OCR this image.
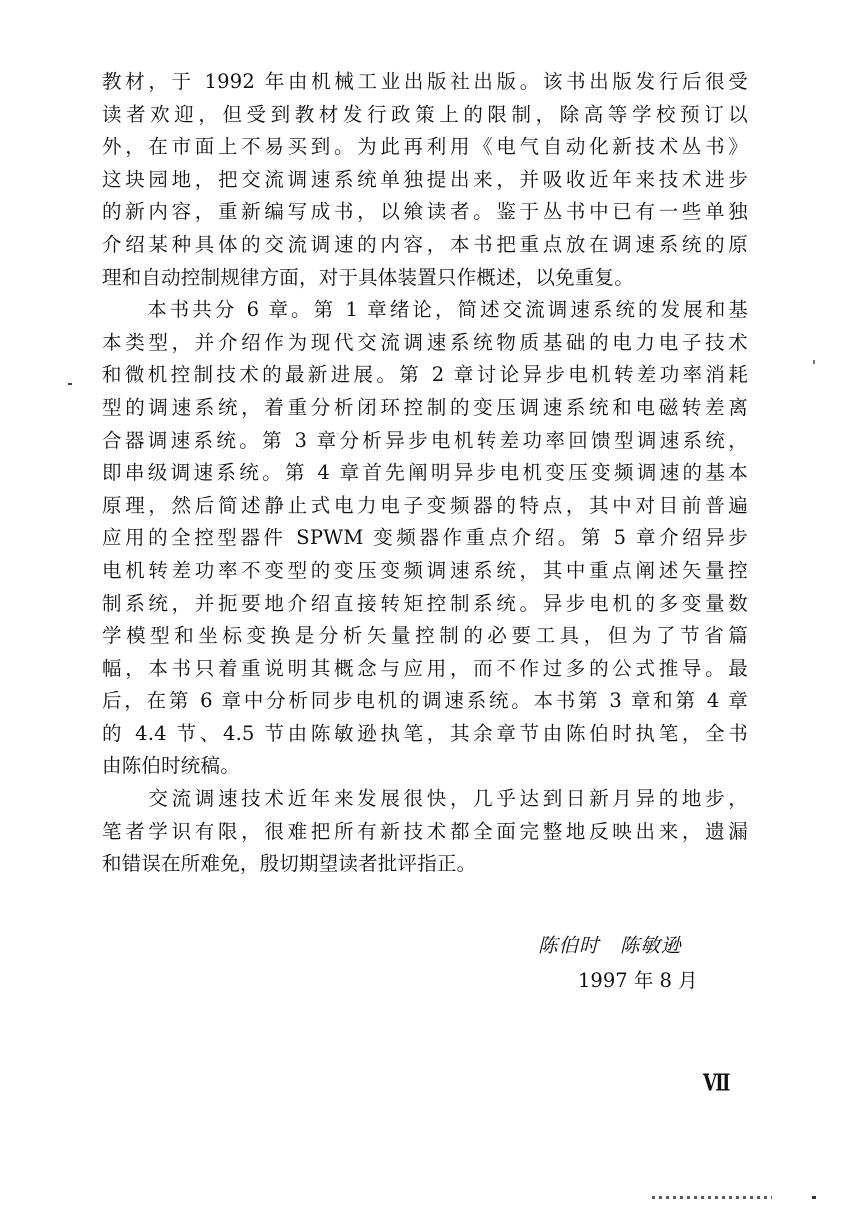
教材，于 1992 年由机械工业出版社出版。该书出版发行后很受
读者欢迎，但受到教材发行政策上的限制，除高等学校预订以
外，在市面上不易买到。为此再利用《电气自动化新技术丛书》
这块园地，把交流调速系统单独提出来，并吸收近年来技术进步
的新内容，重新编写成书，以飨读者。鉴于丛书中已有一些单独
介绍某种具体的交流调速的内容，本书把重点放在调速系统的原
理和自动控制规律方面，对于具体装置只作概述，以免重复。
　　本书共分 6 章。第 1 章绪论，简述交流调速系统的发展和基
本类型，并介绍作为现代交流调速系统物质基础的电力电子技术
和微机控制技术的最新进展。第 2 章讨论异步电机转差功率消耗
型的调速系统，着重分析闭环控制的变压调速系统和电磁转差离
合器调速系统。第 3 章分析异步电机转差功率回馈型调速系统，
即串级调速系统。第 4 章首先阐明异步电机变压变频调速的基本
原理，然后简述静止式电力电子变频器的特点，其中对目前普遍
应用的全控型器件 SPWM 变频器作重点介绍。第 5 章介绍异步
电机转差功率不变型的变压变频调速系统，其中重点阐述矢量控
制系统，并扼要地介绍直接转矩控制系统。异步电机的多变量数
学模型和坐标变换是分析矢量控制的必要工具，但为了节省篇
幅，本书只着重说明其概念与应用，而不作过多的公式推导。最
后，在第 6 章中分析同步电机的调速系统。本书第 3 章和第 4 章
的 4.4 节、4.5 节由陈敏逊执笔，其余章节由陈伯时执笔，全书
由陈伯时统稿。
　　交流调速技术近年来发展很快，几乎达到日新月异的地步，
笔者学识有限，很难把所有新技术都全面完整地反映出来，遗漏
和错误在所难免，殷切期望读者批评指正。
陈伯时　陈敏逊
1997 年 8 月
Ⅶ
